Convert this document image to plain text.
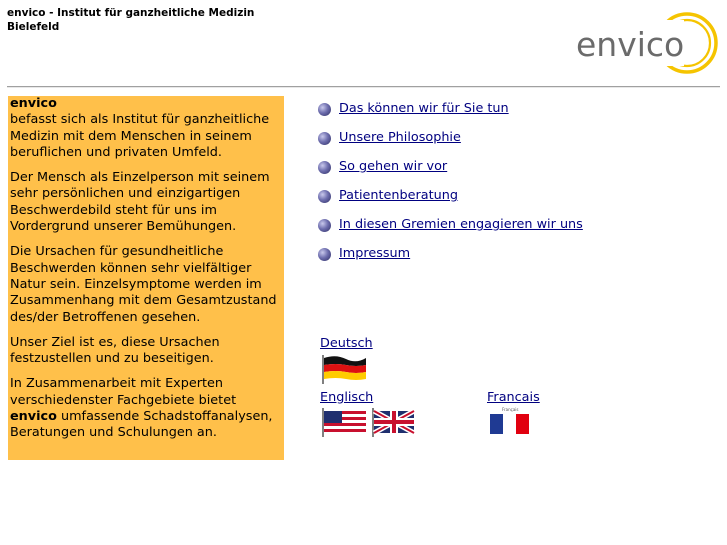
envico - Institut für ganzheitliche Medizin
Bielefeld	envico

envico
befasst sich als Institut für ganzheitliche Medizin mit dem Menschen in seinem beruflichen und privaten Umfeld.

Der Mensch als Einzelperson mit seinem sehr persönlichen und einzigartigen Beschwerdebild steht für uns im Vordergrund unserer Bemühungen.

Die Ursachen für gesundheitliche Beschwerden können sehr vielfältiger Natur sein. Einzelsymptome werden im Zusammenhang mit dem Gesamtzustand des/der Betroffenen gesehen.

Unser Ziel ist es, diese Ursachen festzustellen und zu beseitigen.

In Zusammenarbeit mit Experten verschiedenster Fachgebiete bietet envico umfassende Schadstoffanalysen, Beratungen und Schulungen an.

Das können wir für Sie tun
Unsere Philosophie
So gehen wir vor
Patientenberatung
In diesen Gremien engagieren wir uns
Impressum
Deutsch
Englisch	Francais
Français
